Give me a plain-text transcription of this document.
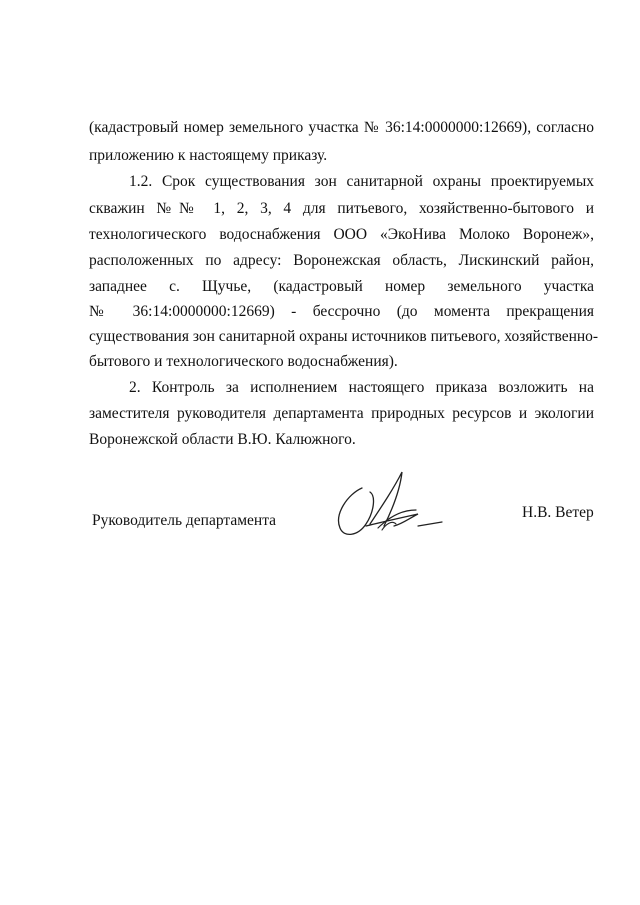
(кадастровый номер земельного участка № 36:14:0000000:12669), согласно
приложению к настоящему приказу.
1.2. Срок существования зон санитарной охраны проектируемых
скважин №№ 1, 2, 3, 4 для питьевого, хозяйственно-бытового и
технологического водоснабжения ООО «ЭкоНива Молоко Воронеж»,
расположенных по адресу: Воронежская область, Лискинский район,
западнее с. Щучье, (кадастровый номер земельного участка
№ 36:14:0000000:12669) - бессрочно (до момента прекращения
существования зон санитарной охраны источников питьевого, хозяйственно-
бытового и технологического водоснабжения).
2. Контроль за исполнением настоящего приказа возложить на
заместителя руководителя департамента природных ресурсов и экологии
Воронежской области В.Ю. Калюжного.
Руководитель департамента	Н.В. Ветер
